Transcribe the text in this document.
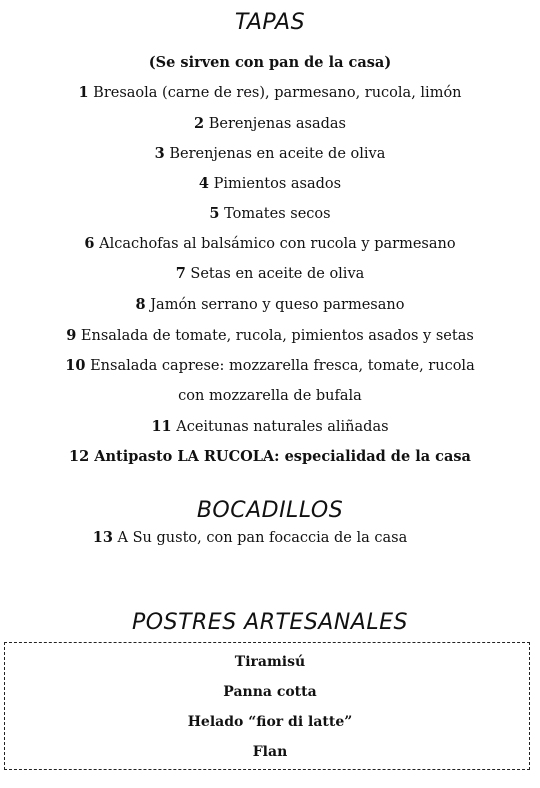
TAPAS
(Se sirven con pan de la casa)
1 Bresaola (carne de res), parmesano, rucola, limón
2 Berenjenas asadas
3 Berenjenas en aceite de oliva
4 Pimientos asados
5 Tomates secos
6 Alcachofas al balsámico con rucola y parmesano
7 Setas en aceite de oliva
8 Jamón serrano y queso parmesano
9 Ensalada de tomate, rucola, pimientos asados y setas
10 Ensalada caprese: mozzarella fresca, tomate, rucola
con mozzarella de bufala
11 Aceitunas naturales aliñadas
12 Antipasto LA RUCOLA: especialidad de la casa
BOCADILLOS
13 A Su gusto, con pan focaccia de la casa
POSTRES ARTESANALES
Tiramisú
Panna cotta
Helado “fior di latte”
Flan
